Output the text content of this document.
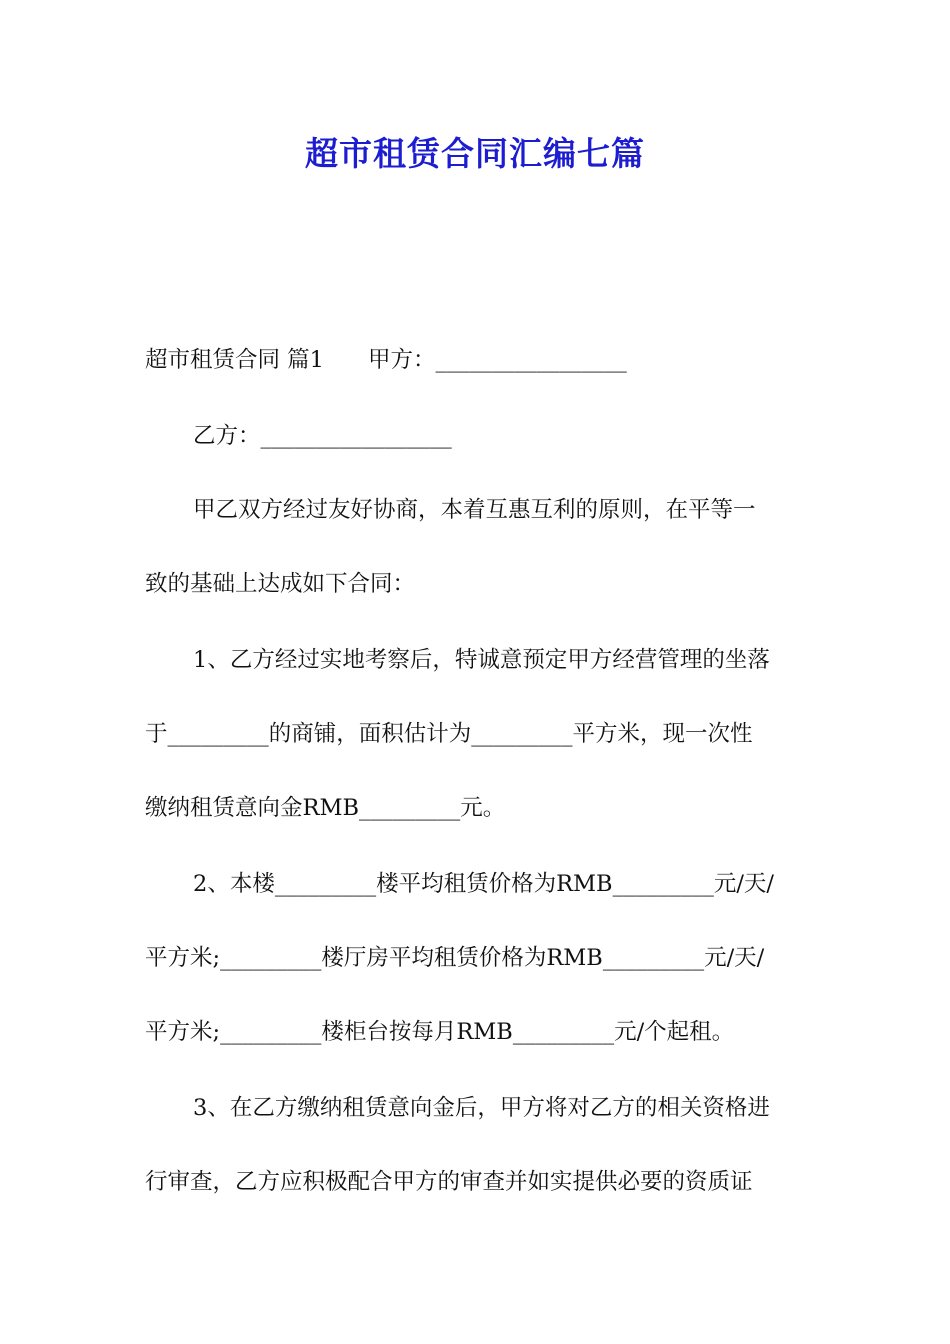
超市租赁合同汇编七篇
超市租赁合同 篇1 甲方：_________________
乙方：_________________
甲乙双方经过友好协商，本着互惠互利的原则，在平等一
致的基础上达成如下合同：
1、乙方经过实地考察后，特诚意预定甲方经营管理的坐落
于_________的商铺，面积估计为_________平方米，现一次性
缴纳租赁意向金RMB_________元。
2、本楼_________楼平均租赁价格为RMB_________元/天/
平方米;_________楼厅房平均租赁价格为RMB_________元/天/
平方米;_________楼柜台按每月RMB_________元/个起租。
3、在乙方缴纳租赁意向金后，甲方将对乙方的相关资格进
行审查，乙方应积极配合甲方的审查并如实提供必要的资质证
